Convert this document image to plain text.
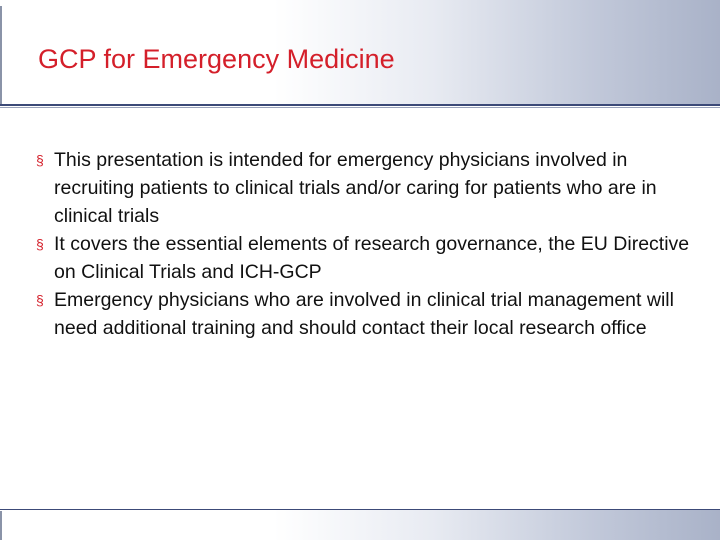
GCP for Emergency Medicine
§ This presentation is intended for emergency physicians involved in recruiting patients to clinical trials and/or caring for patients who are in clinical trials
§ It covers the essential elements of research governance, the EU Directive on Clinical Trials and ICH-GCP
§ Emergency physicians who are involved in clinical trial management will need additional training and should contact their local research office
